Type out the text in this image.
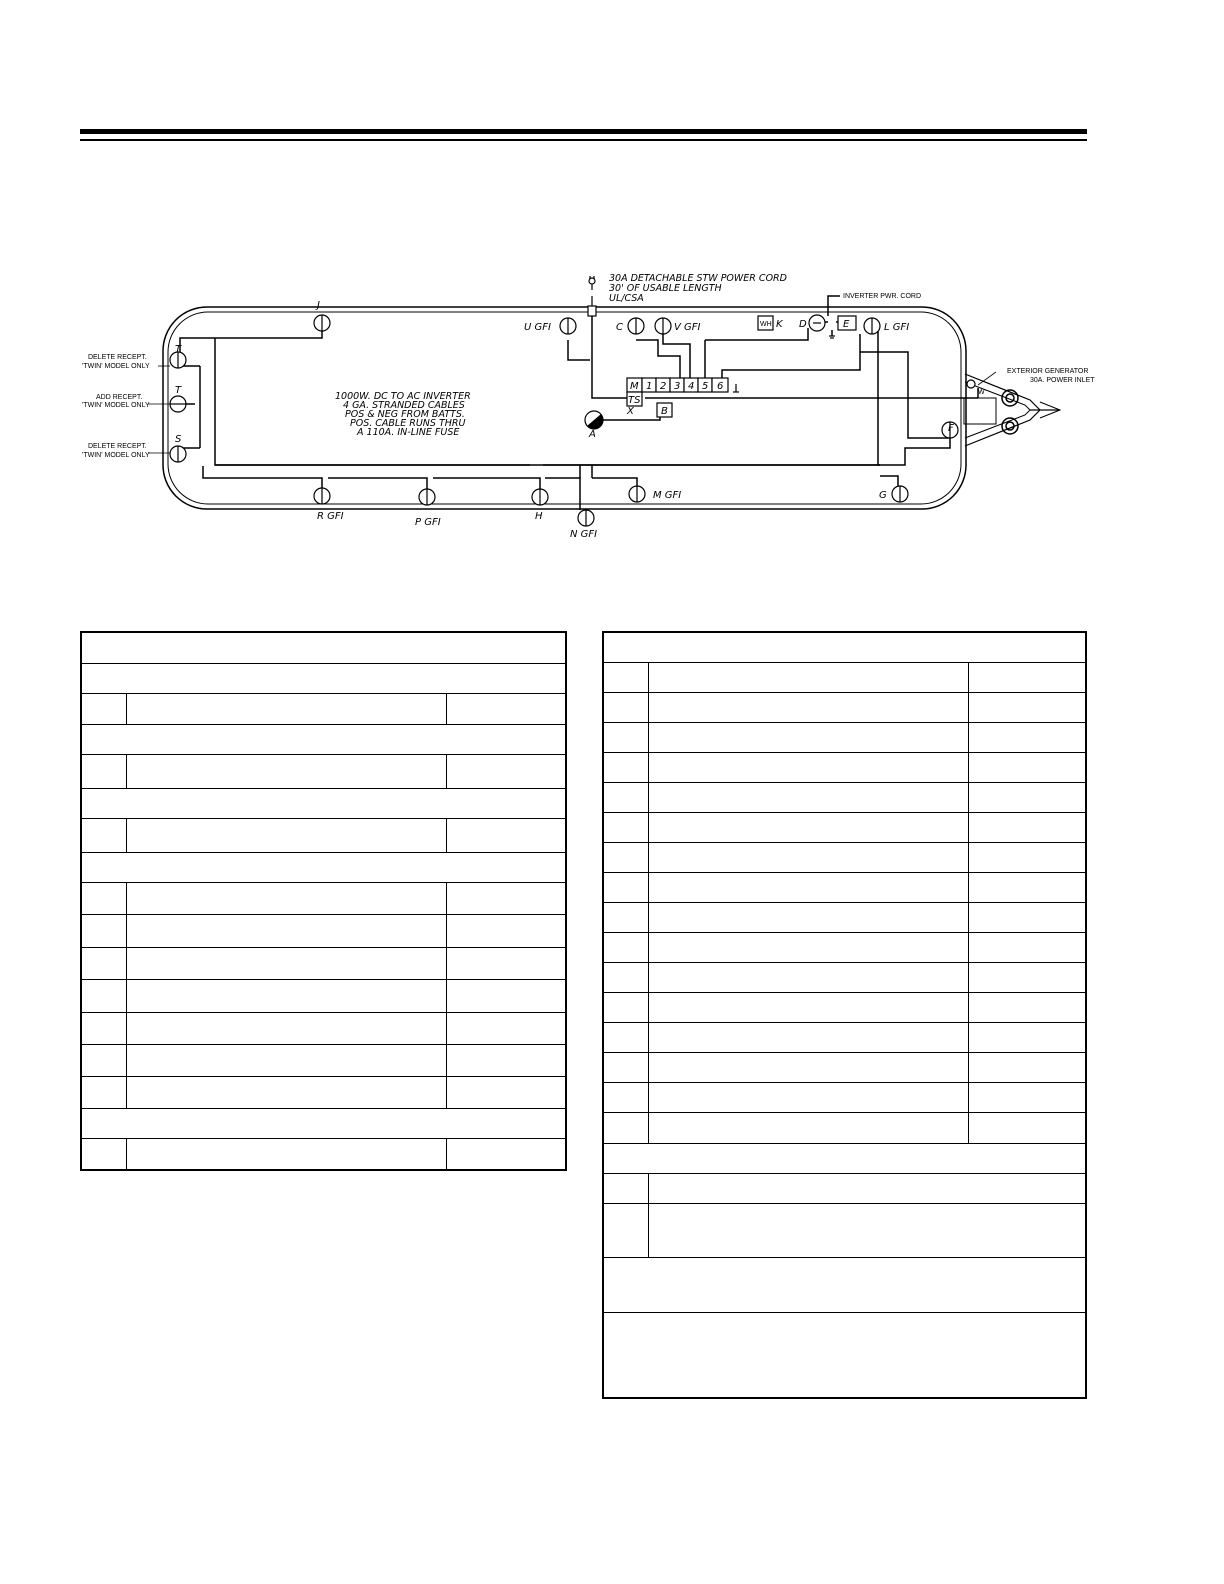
J
U GFI	C	V GFI	WH K D	E	L GFI
T
T
S
R GFI
P GFI
H
N GFI
M GFI	G
F
A
B
X
W
M
TS
1 2 3 4 5 6
30A DETACHABLE STW POWER CORD
30' OF USABLE LENGTH
UL/CSA	INVERTER PWR. CORD
EXTERIOR GENERATOR
30A. POWER INLET
1000W. DC TO AC INVERTER
4 GA. STRANDED CABLES
POS & NEG FROM BATTS.
POS. CABLE RUNS THRU
A 110A. IN-LINE FUSE
DELETE RECEPT.
'TWIN' MODEL ONLY
ADD RECEPT.
'TWIN' MODEL ONLY
DELETE RECEPT.
'TWIN' MODEL ONLY
